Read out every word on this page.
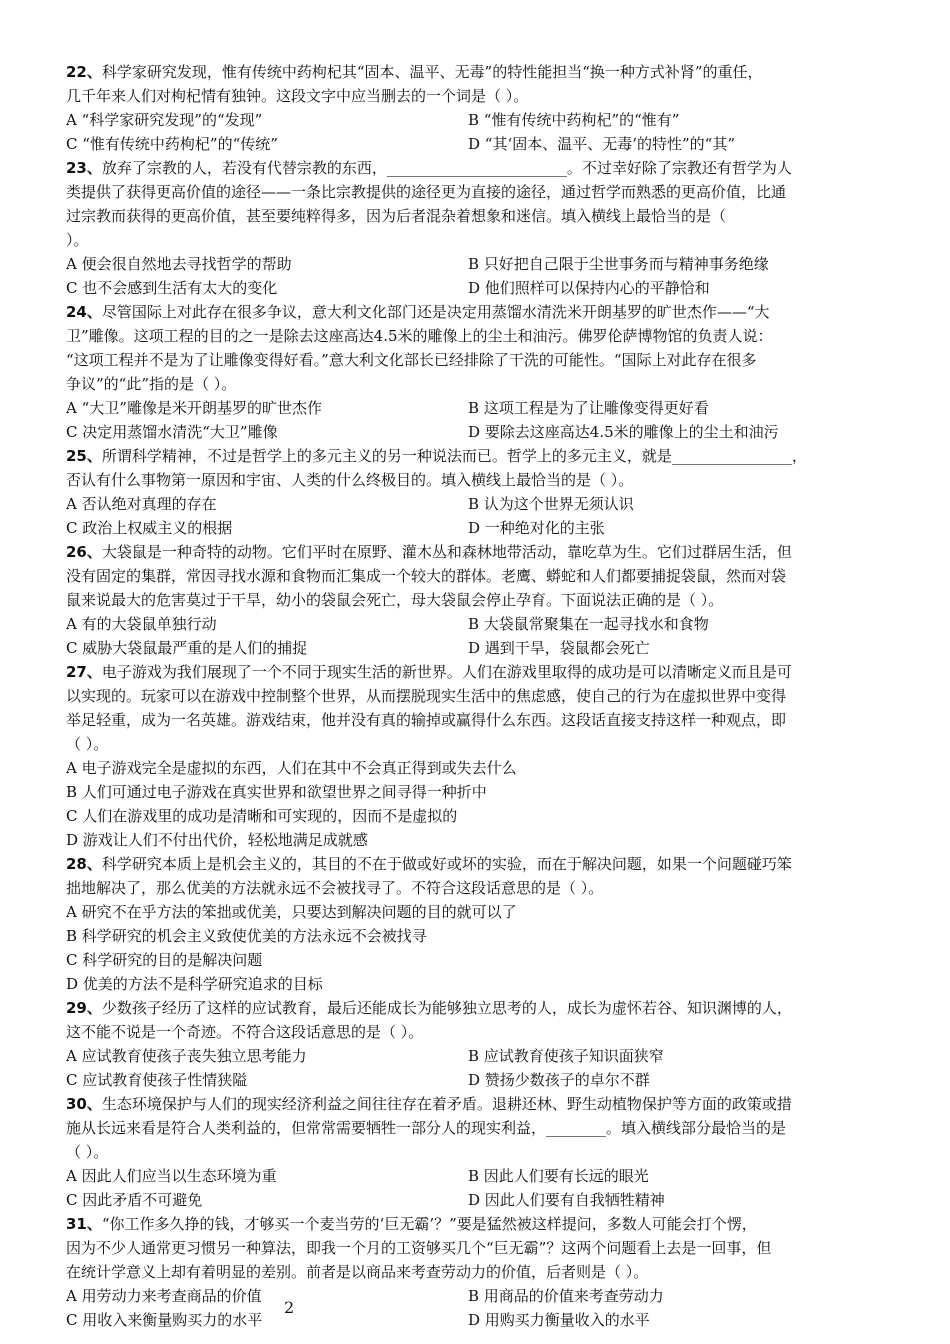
22、科学家研究发现，惟有传统中药枸杞其“固本、温平、无毒”的特性能担当“换一种方式补肾”的重任，
几千年来人们对枸杞情有独钟。这段文字中应当删去的一个词是（ ）。
A “科学家研究发现”的“发现”	B “惟有传统中药枸杞”的“惟有”
C “惟有传统中药枸杞”的“传统”	D “其‘固本、温平、无毒’的特性”的“其”
23、放弃了宗教的人，若没有代替宗教的东西，________________________。不过幸好除了宗教还有哲学为人
类提供了获得更高价值的途径——一条比宗教提供的途径更为直接的途径，通过哲学而熟悉的更高价值，比通
过宗教而获得的更高价值，甚至要纯粹得多，因为后者混杂着想象和迷信。填入横线上最恰当的是（
）。
A 便会很自然地去寻找哲学的帮助	B 只好把自己限于尘世事务而与精神事务绝缘
C 也不会感到生活有太大的变化	D 他们照样可以保持内心的平静恰和
24、尽管国际上对此存在很多争议，意大利文化部门还是决定用蒸馏水清洗米开朗基罗的旷世杰作——“大
卫”雕像。这项工程的目的之一是除去这座高达4.5米的雕像上的尘土和油污。佛罗伦萨博物馆的负责人说：
“这项工程并不是为了让雕像变得好看。”意大利文化部长已经排除了干洗的可能性。“国际上对此存在很多
争议”的“此”指的是（ ）。
A “大卫”雕像是米开朗基罗的旷世杰作	B 这项工程是为了让雕像变得更好看
C 决定用蒸馏水清洗“大卫”雕像	D 要除去这座高达4.5米的雕像上的尘土和油污
25、所谓科学精神，不过是哲学上的多元主义的另一种说法而已。哲学上的多元主义，就是________________，
否认有什么事物第一原因和宇宙、人类的什么终极目的。填入横线上最恰当的是（ ）。
A 否认绝对真理的存在	B 认为这个世界无须认识
C 政治上权威主义的根据	D 一种绝对化的主张
26、大袋鼠是一种奇特的动物。它们平时在原野、灌木丛和森林地带活动，靠吃草为生。它们过群居生活，但
没有固定的集群，常因寻找水源和食物而汇集成一个较大的群体。老鹰、蟒蛇和人们都要捕捉袋鼠，然而对袋
鼠来说最大的危害莫过于干旱，幼小的袋鼠会死亡，母大袋鼠会停止孕育。下面说法正确的是（ ）。
A 有的大袋鼠单独行动	B 大袋鼠常聚集在一起寻找水和食物
C 威胁大袋鼠最严重的是人们的捕捉	D 遇到干旱，袋鼠都会死亡
27、电子游戏为我们展现了一个不同于现实生活的新世界。人们在游戏里取得的成功是可以清晰定义而且是可
以实现的。玩家可以在游戏中控制整个世界，从而摆脱现实生活中的焦虑感，使自己的行为在虚拟世界中变得
举足轻重，成为一名英雄。游戏结束，他并没有真的输掉或赢得什么东西。这段话直接支持这样一种观点，即
（ ）。
A 电子游戏完全是虚拟的东西，人们在其中不会真正得到或失去什么
B 人们可通过电子游戏在真实世界和欲望世界之间寻得一种折中
C 人们在游戏里的成功是清晰和可实现的，因而不是虚拟的
D 游戏让人们不付出代价，轻松地满足成就感
28、科学研究本质上是机会主义的，其目的不在于做或好或坏的实验，而在于解决问题，如果一个问题碰巧笨
拙地解决了，那么优美的方法就永远不会被找寻了。不符合这段话意思的是（ ）。
A 研究不在乎方法的笨拙或优美，只要达到解决问题的目的就可以了
B 科学研究的机会主义致使优美的方法永远不会被找寻
C 科学研究的目的是解决问题
D 优美的方法不是科学研究追求的目标
29、少数孩子经历了这样的应试教育，最后还能成长为能够独立思考的人，成长为虚怀若谷、知识渊博的人，
这不能不说是一个奇迹。不符合这段话意思的是（ ）。
A 应试教育使孩子丧失独立思考能力	B 应试教育使孩子知识面狭窄
C 应试教育使孩子性情狭隘	D 赞扬少数孩子的卓尔不群
30、生态环境保护与人们的现实经济利益之间往往存在着矛盾。退耕还林、野生动植物保护等方面的政策或措
施从长远来看是符合人类利益的，但常常需要牺牲一部分人的现实利益，________。填入横线部分最恰当的是
（ ）。
A 因此人们应当以生态环境为重	B 因此人们要有长远的眼光
C 因此矛盾不可避免	D 因此人们要有自我牺牲精神
31、“你工作多久挣的钱，才够买一个麦当劳的‘巨无霸’？”要是猛然被这样提问，多数人可能会打个愣，
因为不少人通常更习惯另一种算法，即我一个月的工资够买几个“巨无霸”？这两个问题看上去是一回事，但
在统计学意义上却有着明显的差别。前者是以商品来考查劳动力的价值，后者则是（ ）。
A 用劳动力来考查商品的价值	B 用商品的价值来考查劳动力
C 用收入来衡量购买力的水平	D 用购买力衡量收入的水平
2
